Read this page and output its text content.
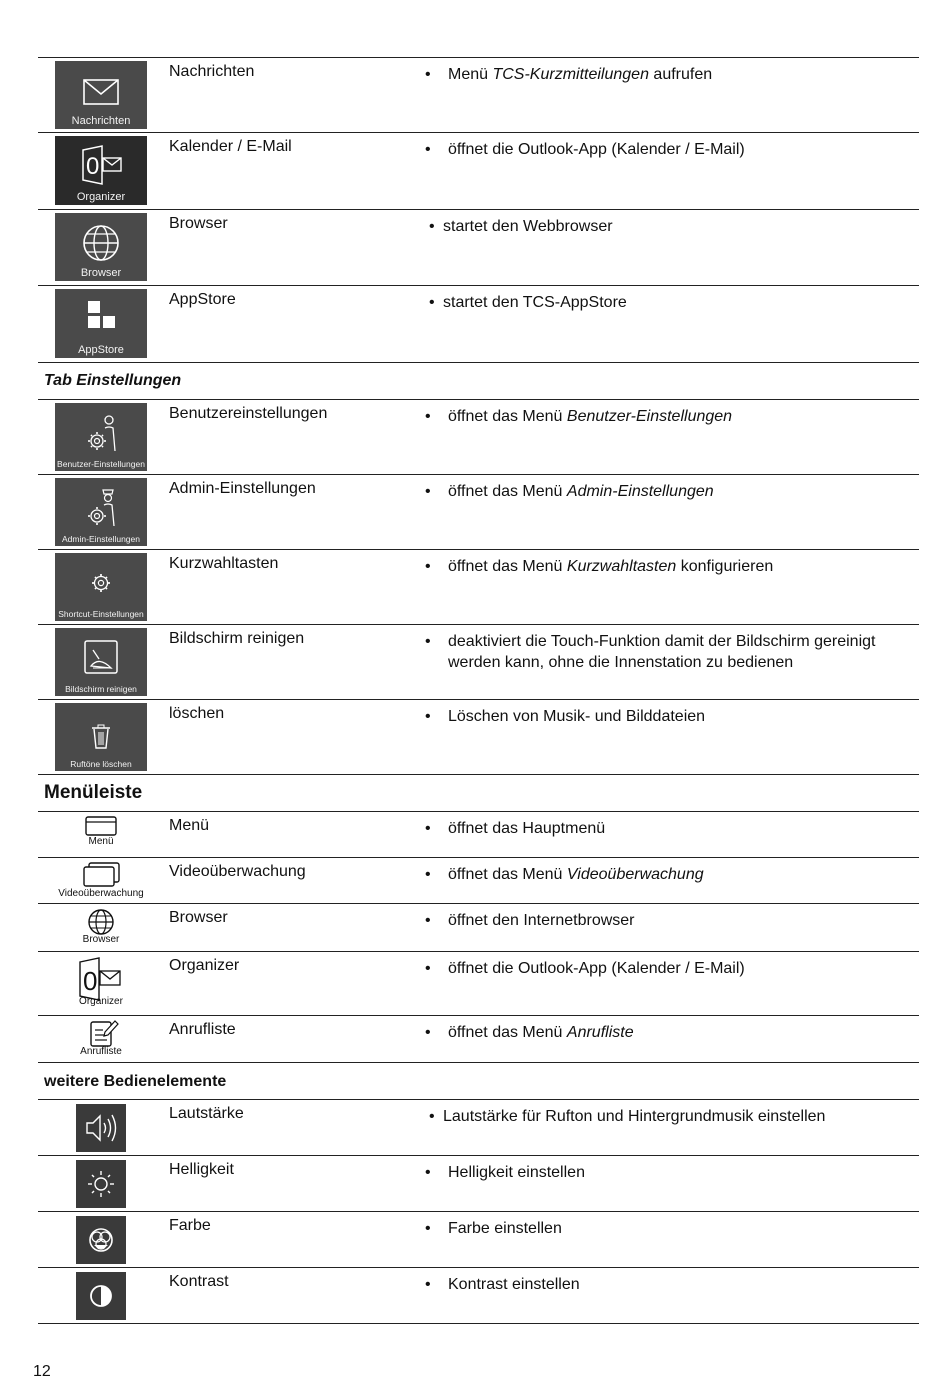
Nachrichten
Nachrichten	• Menü TCS-Kurzmitteilungen aufrufen
0
Organizer
Kalender / E-Mail	• öffnet die Outlook-App (Kalender / E-Mail)
Browser
Browser	• startet den Webbrowser
AppStore
AppStore	• startet den TCS-AppStore
Tab Einstellungen
Benutzer-Einstellungen
Benutzereinstellungen	• öffnet das Menü Benutzer-Einstellungen
Admin-Einstellungen
Admin-Einstellungen	• öffnet das Menü Admin-Einstellungen
Shortcut-Einstellungen
Kurzwahltasten	• öffnet das Menü Kurzwahltasten konfigurieren
Bildschirm reinigen
Bildschirm reinigen	• deaktiviert die Touch-Funktion damit der Bildschirm gereinigt werden kann, ohne die Innenstation zu bedienen
Ruftöne löschen
löschen	• Löschen von Musik- und Bilddateien
Menüleiste
Menü
Menü	• öffnet das Hauptmenü
Videoüberwachung
Videoüberwachung	• öffnet das Menü Videoüberwachung
Browser
Browser	• öffnet den Internetbrowser
0
Organizer
Organizer	• öffnet die Outlook-App (Kalender / E-Mail)
Anrufliste
Anrufliste	• öffnet das Menü Anrufliste
weitere Bedienelemente
Lautstärke	• Lautstärke für Rufton und Hintergrundmusik einstellen
Helligkeit	• Helligkeit einstellen
Farbe	• Farbe einstellen
Kontrast	• Kontrast einstellen
12
